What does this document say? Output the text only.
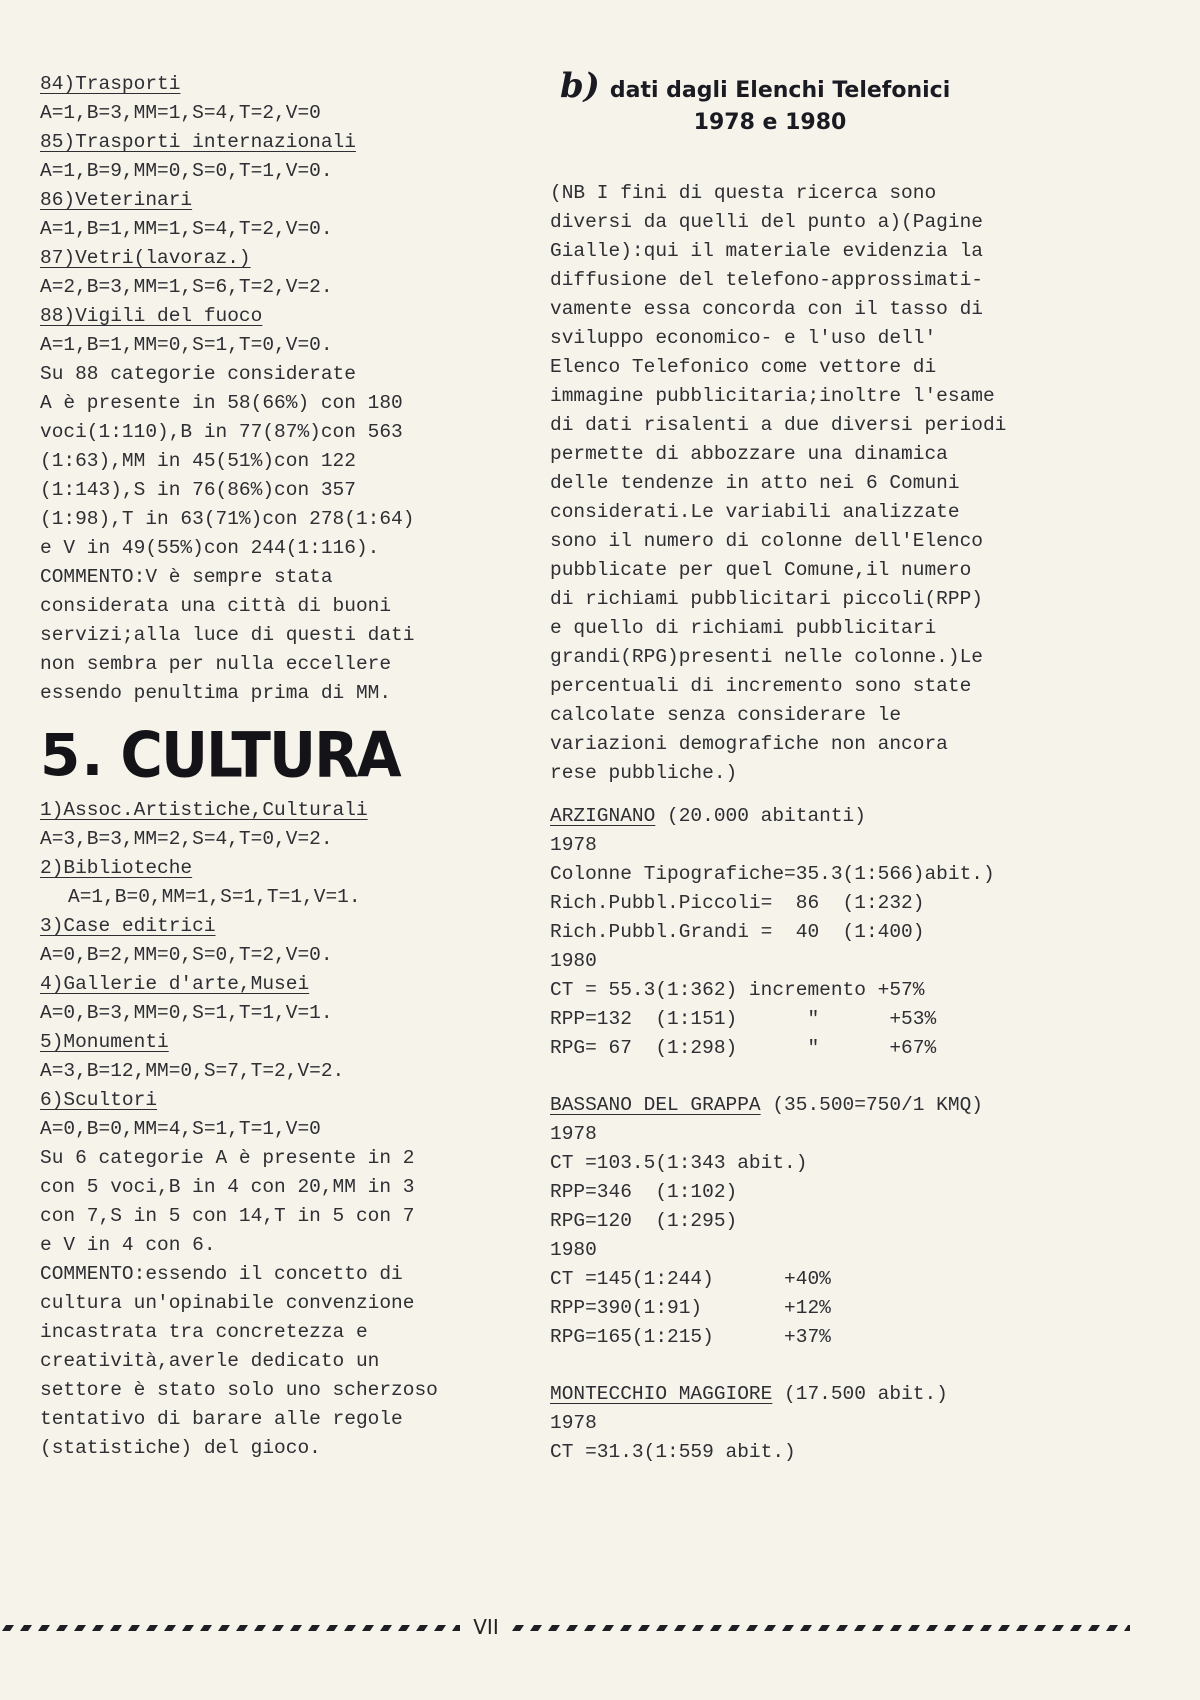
84)Trasporti
A=1,B=3,MM=1,S=4,T=2,V=0
85)Trasporti internazionali
A=1,B=9,MM=0,S=0,T=1,V=0.
86)Veterinari
A=1,B=1,MM=1,S=4,T=2,V=0.
87)Vetri(lavoraz.)
A=2,B=3,MM=1,S=6,T=2,V=2.
88)Vigili del fuoco
A=1,B=1,MM=0,S=1,T=0,V=0.
Su 88 categorie considerate
A è presente in 58(66%) con 180
voci(1:110),B in 77(87%)con 563
(1:63),MM in 45(51%)con 122
(1:143),S in 76(86%)con 357
(1:98),T in 63(71%)con 278(1:64)
e V in 49(55%)con 244(1:116).
COMMENTO:V è sempre stata
considerata una città di buoni
servizi;alla luce di questi dati
non sembra per nulla eccellere
essendo penultima prima di MM.
5. CULTURA
1)Assoc.Artistiche,Culturali
A=3,B=3,MM=2,S=4,T=0,V=2.
2)Biblioteche
A=1,B=0,MM=1,S=1,T=1,V=1.
3)Case editrici
A=0,B=2,MM=0,S=0,T=2,V=0.
4)Gallerie d'arte,Musei
A=0,B=3,MM=0,S=1,T=1,V=1.
5)Monumenti
A=3,B=12,MM=0,S=7,T=2,V=2.
6)Scultori
A=0,B=0,MM=4,S=1,T=1,V=0
Su 6 categorie A è presente in 2
con 5 voci,B in 4 con 20,MM in 3
con 7,S in 5 con 14,T in 5 con 7
e V in 4 con 6.
COMMENTO:essendo il concetto di
cultura un'opinabile convenzione
incastrata tra concretezza e
creatività,averle dedicato un
settore è stato solo uno scherzoso
tentativo di barare alle regole
(statistiche) del gioco.
b) dati dagli Elenchi Telefonici
1978 e 1980
(NB I fini di questa ricerca sono
diversi da quelli del punto a)(Pagine
Gialle):qui il materiale evidenzia la
diffusione del telefono-approssimati-
vamente essa concorda con il tasso di
sviluppo economico- e l'uso dell'
Elenco Telefonico come vettore di
immagine pubblicitaria;inoltre l'esame
di dati risalenti a due diversi periodi
permette di abbozzare una dinamica
delle tendenze in atto nei 6 Comuni
considerati.Le variabili analizzate
sono il numero di colonne dell'Elenco
pubblicate per quel Comune,il numero
di richiami pubblicitari piccoli(RPP)
e quello di richiami pubblicitari
grandi(RPG)presenti nelle colonne.)Le
percentuali di incremento sono state
calcolate senza considerare le
variazioni demografiche non ancora
rese pubbliche.)
ARZIGNANO (20.000 abitanti)
1978
Colonne Tipografiche=35.3(1:566)abit.)
Rich.Pubbl.Piccoli=  86  (1:232)
Rich.Pubbl.Grandi =  40  (1:400)
1980
CT = 55.3(1:362) incremento +57%
RPP=132  (1:151)      "      +53%
RPG= 67  (1:298)      "      +67%
BASSANO DEL GRAPPA (35.500=750/1 KMQ)
1978
CT =103.5(1:343 abit.)
RPP=346  (1:102)
RPG=120  (1:295)
1980
CT =145(1:244)      +40%
RPP=390(1:91)       +12%
RPG=165(1:215)      +37%
MONTECCHIO MAGGIORE (17.500 abit.)
1978
CT =31.3(1:559 abit.)
VII
